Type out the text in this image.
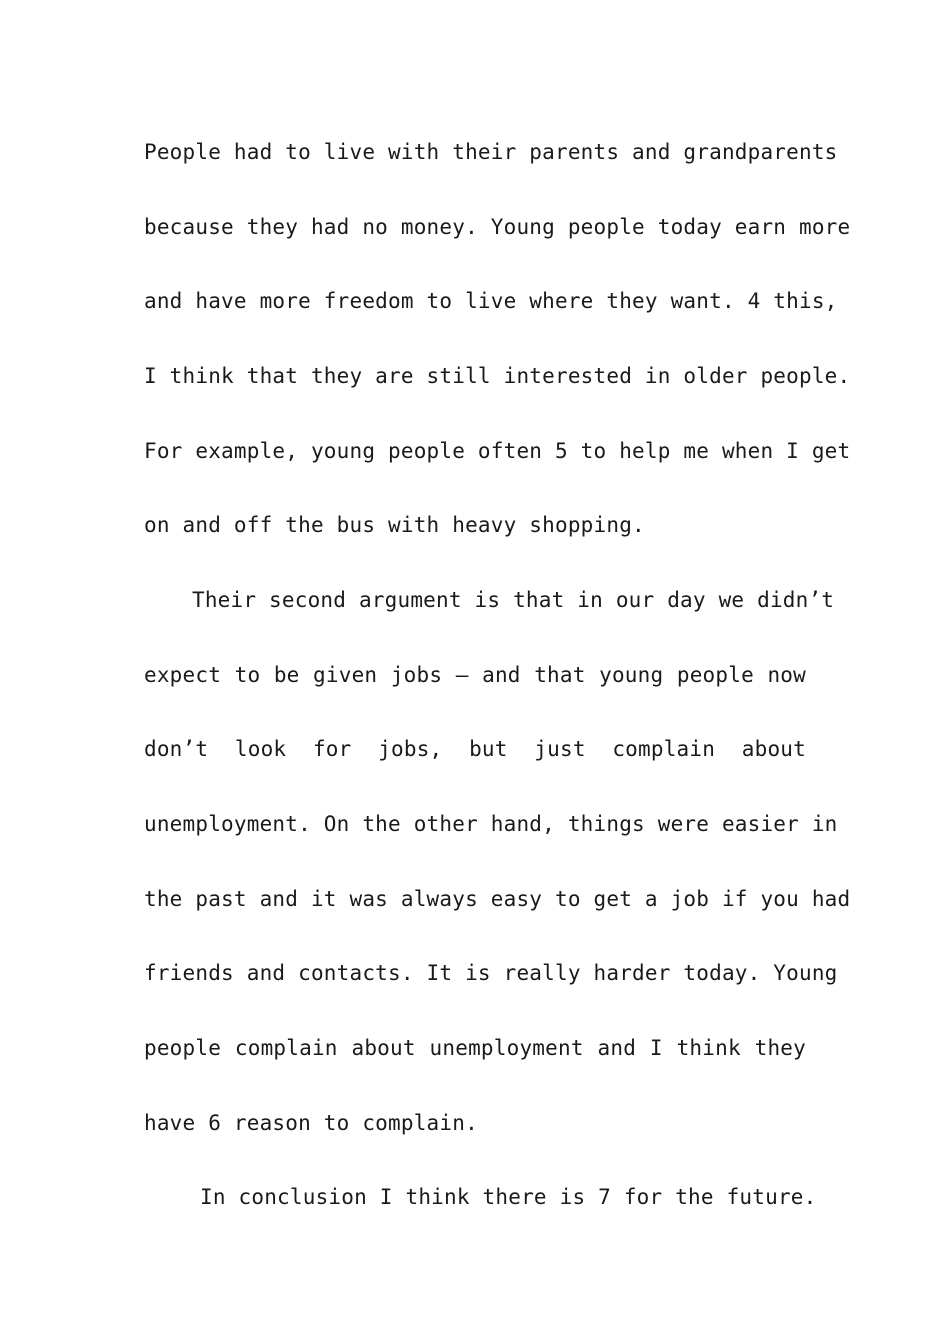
People had to live with their parents and grandparents
because they had no money. Young people today earn more
and have more freedom to live where they want. 4 this,
I think that they are still interested in older people.
For example, young people often 5 to help me when I get
on and off the bus with heavy shopping.
Their second argument is that in our day we didn’t
expect to be given jobs — and that young people now
don’t look for jobs, but just complain about
unemployment. On the other hand, things were easier in
the past and it was always easy to get a job if you had
friends and contacts. It is really harder today. Young
people complain about unemployment and I think they
have 6 reason to complain.
In conclusion I think there is 7 for the future.
